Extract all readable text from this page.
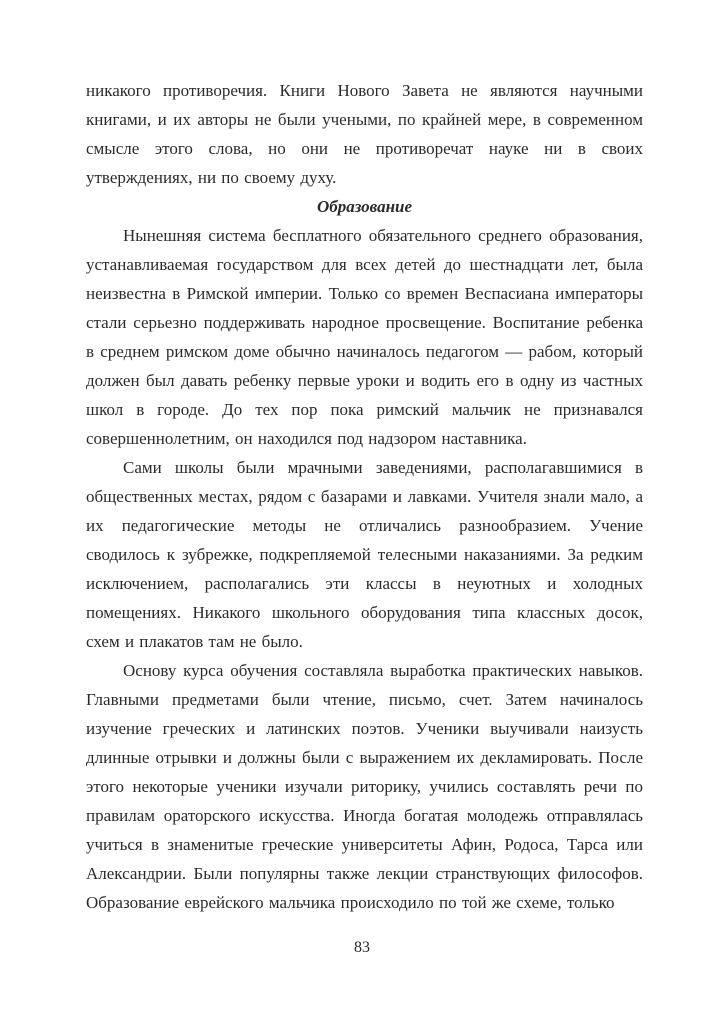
никакого противоречия. Книги Нового Завета не являются научными книгами, и их авторы не были учеными, по крайней мере, в современном смысле этого слова, но они не противоречат науке ни в своих утверждениях, ни по своему духу.

Образование

Нынешняя система бесплатного обязательного среднего образования, устанавливаемая государством для всех детей до шестнадцати лет, была неизвестна в Римской империи. Только со времен Веспасиана императоры стали серьезно поддерживать народное просвещение. Воспитание ребенка в среднем римском доме обычно начиналось педагогом — рабом, который должен был давать ребенку первые уроки и водить его в одну из частных школ в городе. До тех пор пока римский мальчик не признавался совершеннолетним, он находился под надзором наставника.

Сами школы были мрачными заведениями, располагавшимися в общественных местах, рядом с базарами и лавками. Учителя знали мало, а их педагогические методы не отличались разнообразием. Учение сводилось к зубрежке, подкрепляемой телесными наказаниями. За редким исключением, располагались эти классы в неуютных и холодных помещениях. Никакого школьного оборудования типа классных досок, схем и плакатов там не было.

Основу курса обучения составляла выработка практических навыков. Главными предметами были чтение, письмо, счет. Затем начиналось изучение греческих и латинских поэтов. Ученики выучивали наизусть длинные отрывки и должны были с выражением их декламировать. После этого некоторые ученики изучали риторику, учились составлять речи по правилам ораторского искусства. Иногда богатая молодежь отправлялась учиться в знаменитые греческие университеты Афин, Родоса, Тарса или Александрии. Были популярны также лекции странствующих философов. Образование еврейского мальчика происходило по той же схеме, только

83
